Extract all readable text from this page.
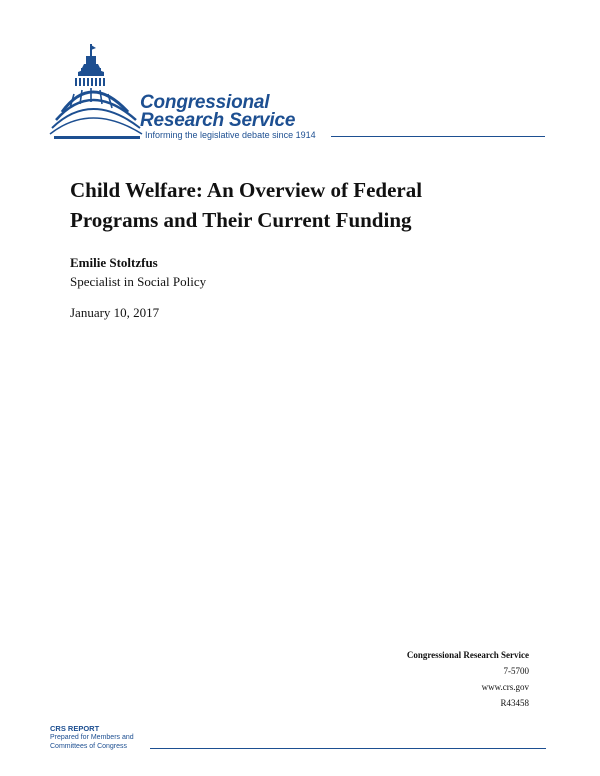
Congressional
Research Service
Informing the legislative debate since 1914
Child Welfare: An Overview of Federal Programs and Their Current Funding
Emilie Stoltzfus
Specialist in Social Policy
January 10, 2017
Congressional Research Service
7-5700
www.crs.gov
R43458
CRS REPORT
Prepared for Members and
Committees of Congress
